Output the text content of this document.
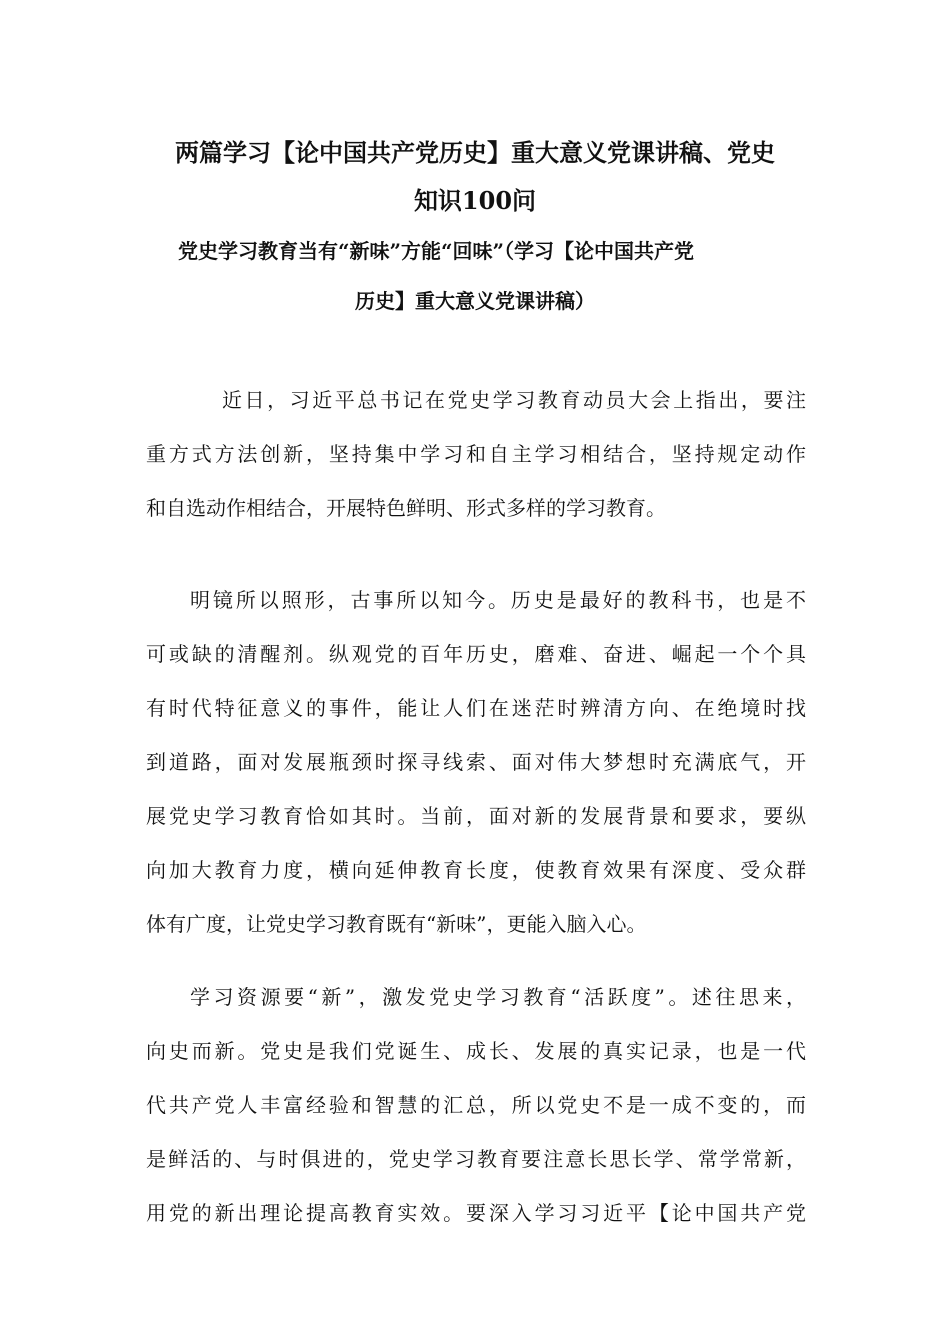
两篇学习【论中国共产党历史】重大意义党课讲稿、党史
知识100问
党史学习教育当有“新味”方能“回味”（学习【论中国共产党
历史】重大意义党课讲稿）
近日，习近平总书记在党史学习教育动员大会上指出，要注
重方式方法创新，坚持集中学习和自主学习相结合，坚持规定动作
和自选动作相结合，开展特色鲜明、形式多样的学习教育。
明镜所以照形，古事所以知今。历史是最好的教科书，也是不
可或缺的清醒剂。纵观党的百年历史，磨难、奋进、崛起一个个具
有时代特征意义的事件，能让人们在迷茫时辨清方向、在绝境时找
到道路，面对发展瓶颈时探寻线索、面对伟大梦想时充满底气，开
展党史学习教育恰如其时。当前，面对新的发展背景和要求，要纵
向加大教育力度，横向延伸教育长度，使教育效果有深度、受众群
体有广度，让党史学习教育既有“新味”，更能入脑入心。
学习资源要“新”，激发党史学习教育“活跃度”。述往思来，
向史而新。党史是我们党诞生、成长、发展的真实记录，也是一代
代共产党人丰富经验和智慧的汇总，所以党史不是一成不变的，而
是鲜活的、与时俱进的，党史学习教育要注意长思长学、常学常新，
用党的新出理论提高教育实效。要深入学习习近平【论中国共产党
